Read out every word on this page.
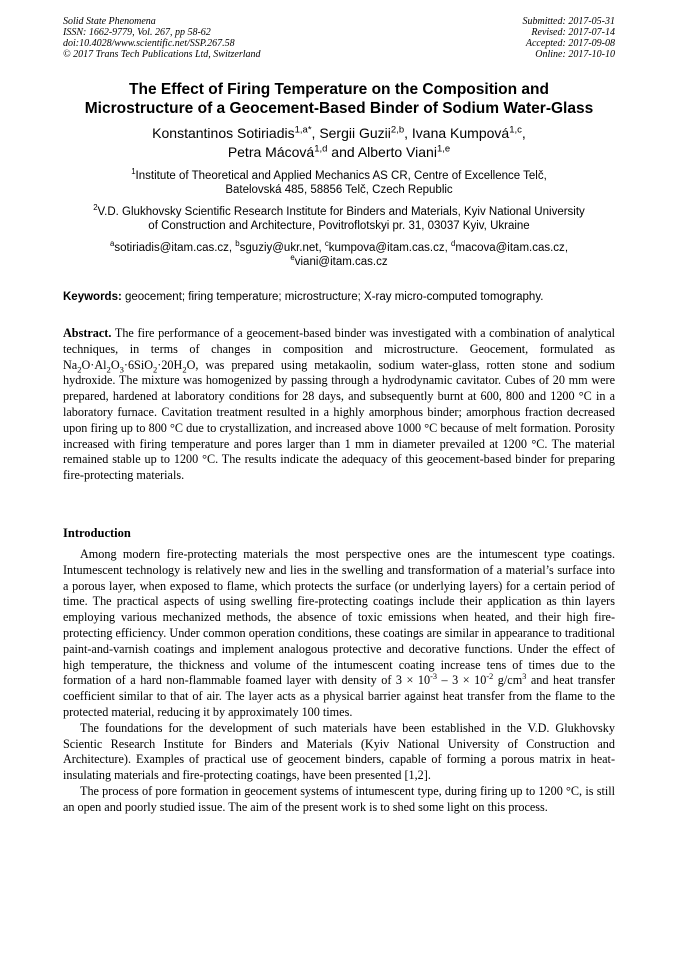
Solid State Phenomena
ISSN: 1662-9779, Vol. 267, pp 58-62
doi:10.4028/www.scientific.net/SSP.267.58
© 2017 Trans Tech Publications Ltd, Switzerland
Submitted: 2017-05-31
Revised: 2017-07-14
Accepted: 2017-09-08
Online: 2017-10-10
The Effect of Firing Temperature on the Composition and
Microstructure of a Geocement-Based Binder of Sodium Water-Glass
Konstantinos Sotiriadis$^{1,a*}$, Sergii Guzii$^{2,b}$, Ivana Kumpová$^{1,c}$,
Petra Mácová$^{1,d}$ and Alberto Viani$^{1,e}$
$^1$Institute of Theoretical and Applied Mechanics AS CR, Centre of Excellence Telč,
Batelovská 485, 58856 Telč, Czech Republic
$^2$V.D. Glukhovsky Scientific Research Institute for Binders and Materials, Kyiv National University
of Construction and Architecture, Povitroflotskyi pr. 31, 03037 Kyiv, Ukraine
$^a$sotiriadis@itam.cas.cz, $^b$sguziy@ukr.net, $^c$kumpova@itam.cas.cz, $^d$macova@itam.cas.cz,
$^e$viani@itam.cas.cz
Keywords: geocement; firing temperature; microstructure; X-ray micro-computed tomography.
Abstract. The fire performance of a geocement-based binder was investigated with a combination of analytical techniques, in terms of changes in composition and microstructure. Geocement, formulated as $Na_2O\cdot Al_2O_3\cdot 6SiO_2\cdot 20H_2O$, was prepared using metakaolin, sodium water-glass, rotten stone and sodium hydroxide. The mixture was homogenized by passing through a hydrodynamic cavitator. Cubes of 20 mm were prepared, hardened at laboratory conditions for 28 days, and subsequently burnt at 600, 800 and 1200 °C in a laboratory furnace. Cavitation treatment resulted in a highly amorphous binder; amorphous fraction decreased upon firing up to 800 °C due to crystallization, and increased above 1000 °C because of melt formation. Porosity increased with firing temperature and pores larger than 1 mm in diameter prevailed at 1200 °C. The material remained stable up to 1200 °C. The results indicate the adequacy of this geocement-based binder for preparing fire-protecting materials.
Introduction

Among modern fire-protecting materials the most perspective ones are the intumescent type coatings. Intumescent technology is relatively new and lies in the swelling and transformation of a material’s surface into a porous layer, when exposed to flame, which protects the surface (or underlying layers) for a certain period of time. The practical aspects of using swelling fire-protecting coatings include their application as thin layers employing various mechanized methods, the absence of toxic emissions when heated, and their high fire-protecting efficiency. Under common operation conditions, these coatings are similar in appearance to traditional paint-and-varnish coatings and implement analogous protective and decorative functions. Under the effect of high temperature, the thickness and volume of the intumescent coating increase tens of times due to the formation of a hard non-flammable foamed layer with density of $3 \times 10^{-3} - 3 \times 10^{-2}$ $g/cm^3$ and heat transfer coefficient similar to that of air. The layer acts as a physical barrier against heat transfer from the flame to the protected material, reducing it by approximately 100 times.

The foundations for the development of such materials have been established in the V.D. Glukhovsky Scientic Research Institute for Binders and Materials (Kyiv National University of Construction and Architecture). Examples of practical use of geocement binders, capable of forming a porous matrix in heat-insulating materials and fire-protecting coatings, have been presented [1,2].

The process of pore formation in geocement systems of intumescent type, during firing up to 1200 °C, is still an open and poorly studied issue. The aim of the present work is to shed some light on this process.
